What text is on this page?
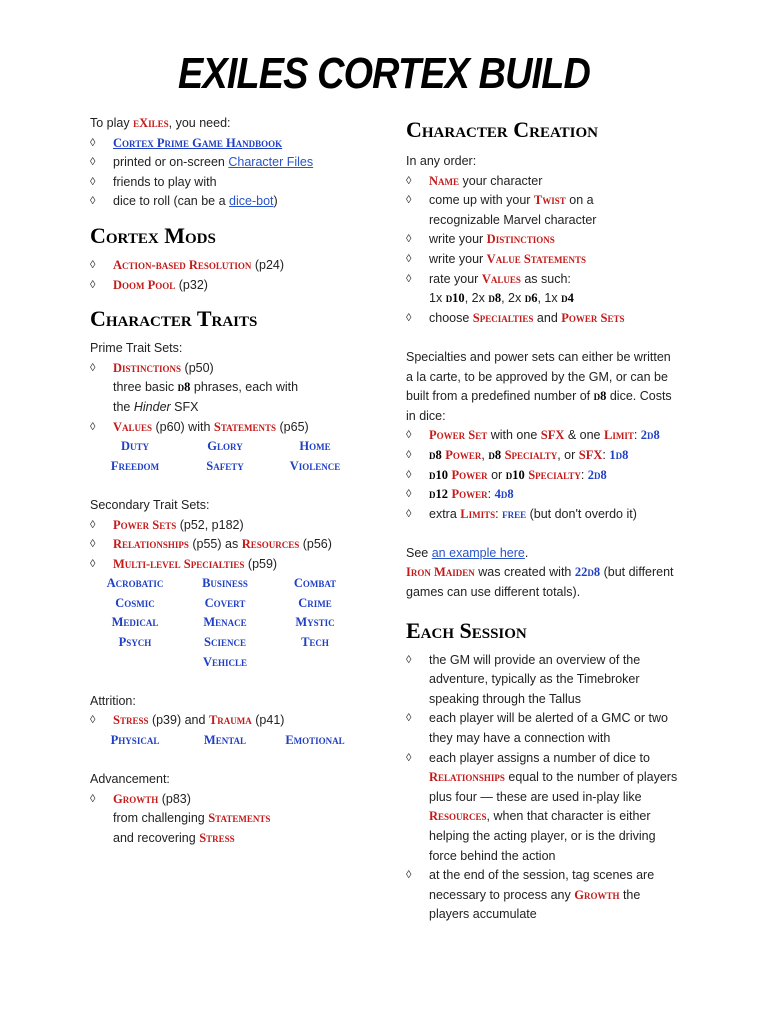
EXILES CORTEX BUILD
To play eXiles, you need:
◊ Cortex Prime Game Handbook
◊ printed or on-screen Character Files
◊ friends to play with
◊ dice to roll (can be a dice-bot)
Cortex Mods
◊ Action-based Resolution (p24)
◊ Doom Pool (p32)
Character Traits
Prime Trait Sets:
◊ Distinctions (p50)
three basic d8 phrases, each with
the Hinder SFX
◊ Values (p60) with Statements (p65)
Duty	Glory	Home
Freedom	Safety	Violence
Secondary Trait Sets:
◊ Power Sets (p52, p182)
◊ Relationships (p55) as Resources (p56)
◊ Multi-level Specialties (p59)
Acrobatic	Business	Combat
Cosmic	Covert	Crime
Medical	Menace	Mystic
Psych	Science	Tech
Vehicle
Attrition:
◊ Stress (p39) and Trauma (p41)
Physical	Mental	Emotional
Advancement:
◊ Growth (p83)
from challenging Statements
and recovering Stress
Character Creation
In any order:
◊ Name your character
◊ come up with your Twist on a
recognizable Marvel character
◊ write your Distinctions
◊ write your Value Statements
◊ rate your Values as such:
1x d10, 2x d8, 2x d6, 1x d4
◊ choose Specialties and Power Sets
Specialties and power sets can either be written a la carte, to be approved by the GM, or can be built from a predefined number of d8 dice. Costs in dice:
◊ Power Set with one SFX & one Limit: 2d8
◊ d8 Power, d8 Specialty, or SFX: 1d8
◊ d10 Power or d10 Specialty: 2d8
◊ d12 Power: 4d8
◊ extra Limits: free (but don't overdo it)
See an example here.
Iron Maiden was created with 22d8 (but different games can use different totals).
Each Session
◊ the GM will provide an overview of the adventure, typically as the Timebroker speaking through the Tallus
◊ each player will be alerted of a GMC or two they may have a connection with
◊ each player assigns a number of dice to Relationships equal to the number of players plus four — these are used in-play like Resources, when that character is either helping the acting player, or is the driving force behind the action
◊ at the end of the session, tag scenes are necessary to process any Growth the players accumulate
